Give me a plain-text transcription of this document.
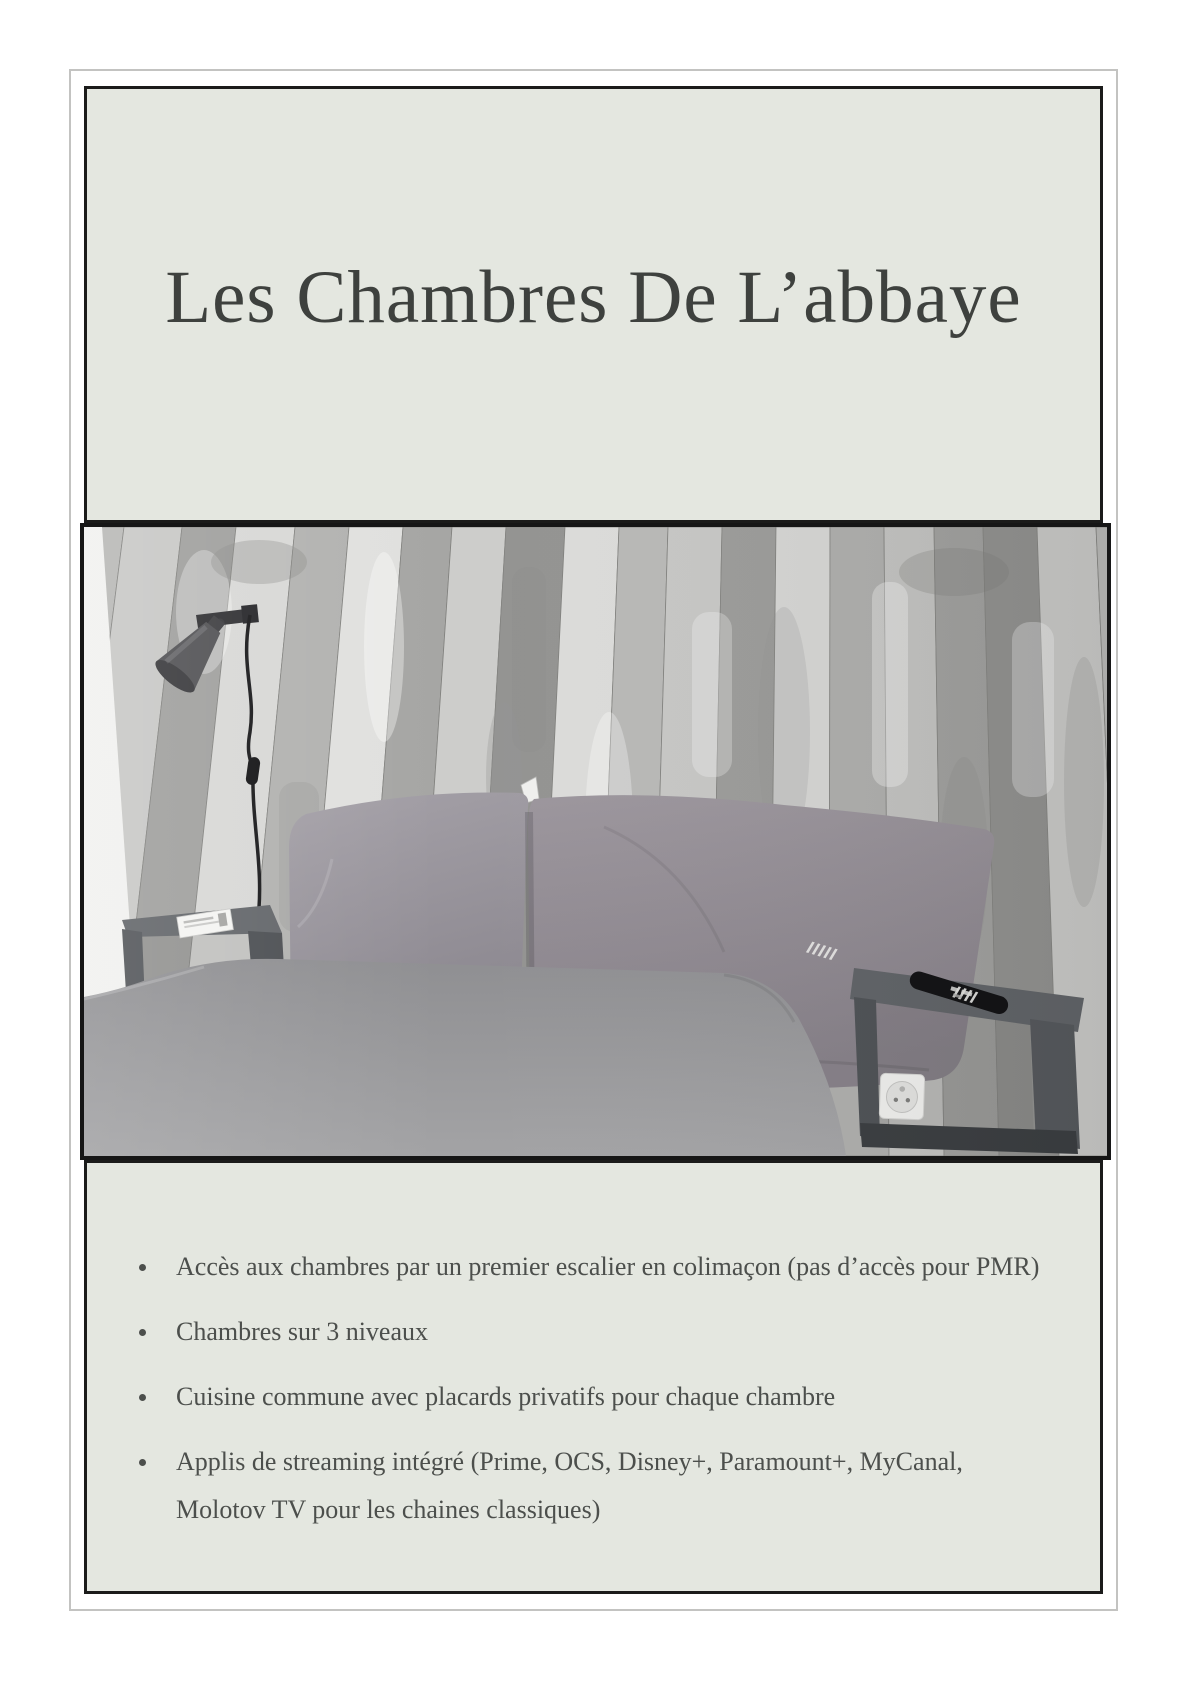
Les Chambres De L’abbaye
Accès aux chambres par un premier escalier en colimaçon (pas d’accès pour PMR)
Chambres sur 3 niveaux
Cuisine commune avec placards privatifs pour chaque chambre
Applis de streaming intégré (Prime, OCS, Disney+, Paramount+, MyCanal, Molotov TV pour les chaines classiques)
